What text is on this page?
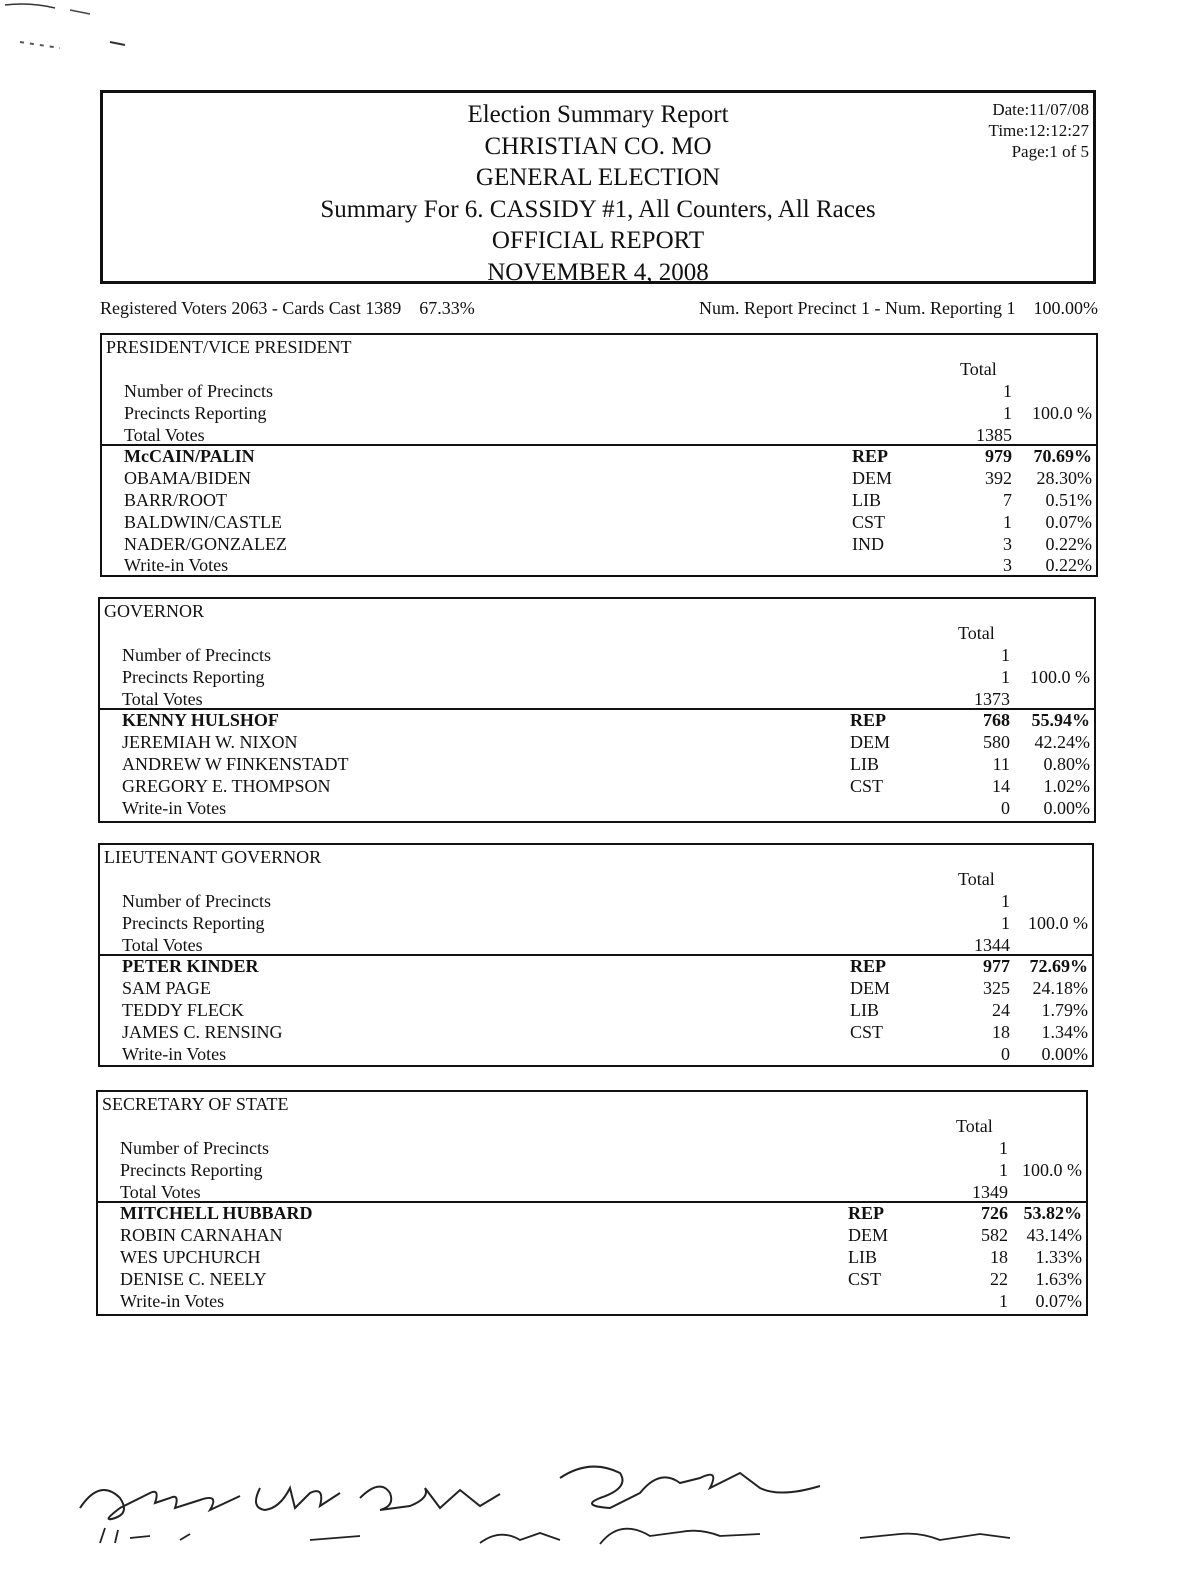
Election Summary Report
CHRISTIAN CO. MO
GENERAL ELECTION
Summary For 6. CASSIDY #1, All Counters, All Races
OFFICIAL REPORT
NOVEMBER 4, 2008
Date:11/07/08
Time:12:12:27
Page:1 of 5
Registered Voters 2063 - Cards Cast 1389    67.33%	Num. Report Precinct 1 - Num. Reporting 1    100.00%
PRESIDENT/VICE PRESIDENT
Total
Number of Precincts	1
Precincts Reporting	1	100.0 %
Total Votes	1385
McCAIN/PALIN	REP	979	70.69%
OBAMA/BIDEN	DEM	392	28.30%
BARR/ROOT	LIB	7	0.51%
BALDWIN/CASTLE	CST	1	0.07%
NADER/GONZALEZ	IND	3	0.22%
Write-in Votes	3	0.22%
GOVERNOR
Total
Number of Precincts	1
Precincts Reporting	1	100.0 %
Total Votes	1373
KENNY HULSHOF	REP	768	55.94%
JEREMIAH W. NIXON	DEM	580	42.24%
ANDREW W FINKENSTADT	LIB	11	0.80%
GREGORY E. THOMPSON	CST	14	1.02%
Write-in Votes	0	0.00%
LIEUTENANT GOVERNOR
Total
Number of Precincts	1
Precincts Reporting	1	100.0 %
Total Votes	1344
PETER KINDER	REP	977	72.69%
SAM PAGE	DEM	325	24.18%
TEDDY FLECK	LIB	24	1.79%
JAMES C. RENSING	CST	18	1.34%
Write-in Votes	0	0.00%
SECRETARY OF STATE
Total
Number of Precincts	1
Precincts Reporting	1 100.0 %
Total Votes	1349
MITCHELL HUBBARD	REP	726 53.82%
ROBIN CARNAHAN	DEM	582	43.14%
WES UPCHURCH	LIB	18	1.33%
DENISE C. NEELY	CST	22	1.63%
Write-in Votes	1	0.07%
